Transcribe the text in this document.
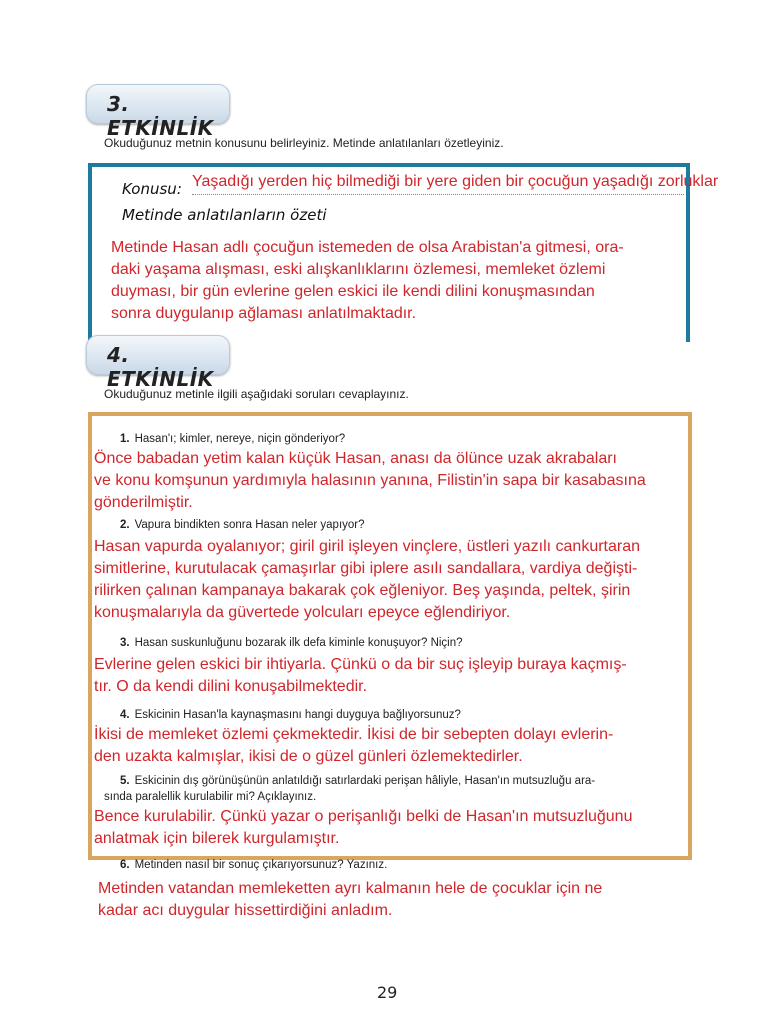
3. ETKİNLİK
Okuduğunuz metnin konusunu belirleyiniz. Metinde anlatılanları özetleyiniz.
Konusu: Yaşadığı yerden hiç bilmediği bir yere giden bir çocuğun yaşadığı zorluklar
Metinde anlatılanların özeti
Metinde Hasan adlı çocuğun istemeden de olsa Arabistan'a gitmesi, ora-
daki yaşama alışması, eski alışkanlıklarını özlemesi, memleket özlemi
duyması, bir gün evlerine gelen eskici ile kendi dilini konuşmasından
sonra duygulanıp ağlaması anlatılmaktadır.
4. ETKİNLİK
Okuduğunuz metinle ilgili aşağıdaki soruları cevaplayınız.
1. Hasan'ı; kimler, nereye, niçin gönderiyor?
Önce babadan yetim kalan küçük Hasan, anası da ölünce uzak akrabaları
ve konu komşunun yardımıyla halasının yanına, Filistin'in sapa bir kasabasına
gönderilmiştir.
2. Vapura bindikten sonra Hasan neler yapıyor?
Hasan vapurda oyalanıyor; giril giril işleyen vinçlere, üstleri yazılı cankurtaran
simitlerine, kurutulacak çamaşırlar gibi iplere asılı sandallara, vardiya değişti-
rilirken çalınan kampanaya bakarak çok eğleniyor. Beş yaşında, peltek, şirin
konuşmalarıyla da güvertede yolcuları epeyce eğlendiriyor.
3. Hasan suskunluğunu bozarak ilk defa kiminle konuşuyor? Niçin?
Evlerine gelen eskici bir ihtiyarla. Çünkü o da bir suç işleyip buraya kaçmış-
tır. O da kendi dilini konuşabilmektedir.
4. Eskicinin Hasan'la kaynaşmasını hangi duyguya bağlıyorsunuz?
İkisi de memleket özlemi çekmektedir. İkisi de bir sebepten dolayı evlerin-
den uzakta kalmışlar, ikisi de o güzel günleri özlemektedirler.
5. Eskicinin dış görünüşünün anlatıldığı satırlardaki perişan hâliyle, Hasan'ın mutsuzluğu ara-
sında paralellik kurulabilir mi? Açıklayınız.
Bence kurulabilir. Çünkü yazar o perişanlığı belki de Hasan'ın mutsuzluğunu
anlatmak için bilerek kurgulamıştır.
6. Metinden nasıl bir sonuç çıkarıyorsunuz? Yazınız.
Metinden vatandan memleketten ayrı kalmanın hele de çocuklar için ne
kadar acı duygular hissettirdiğini anladım.
29
